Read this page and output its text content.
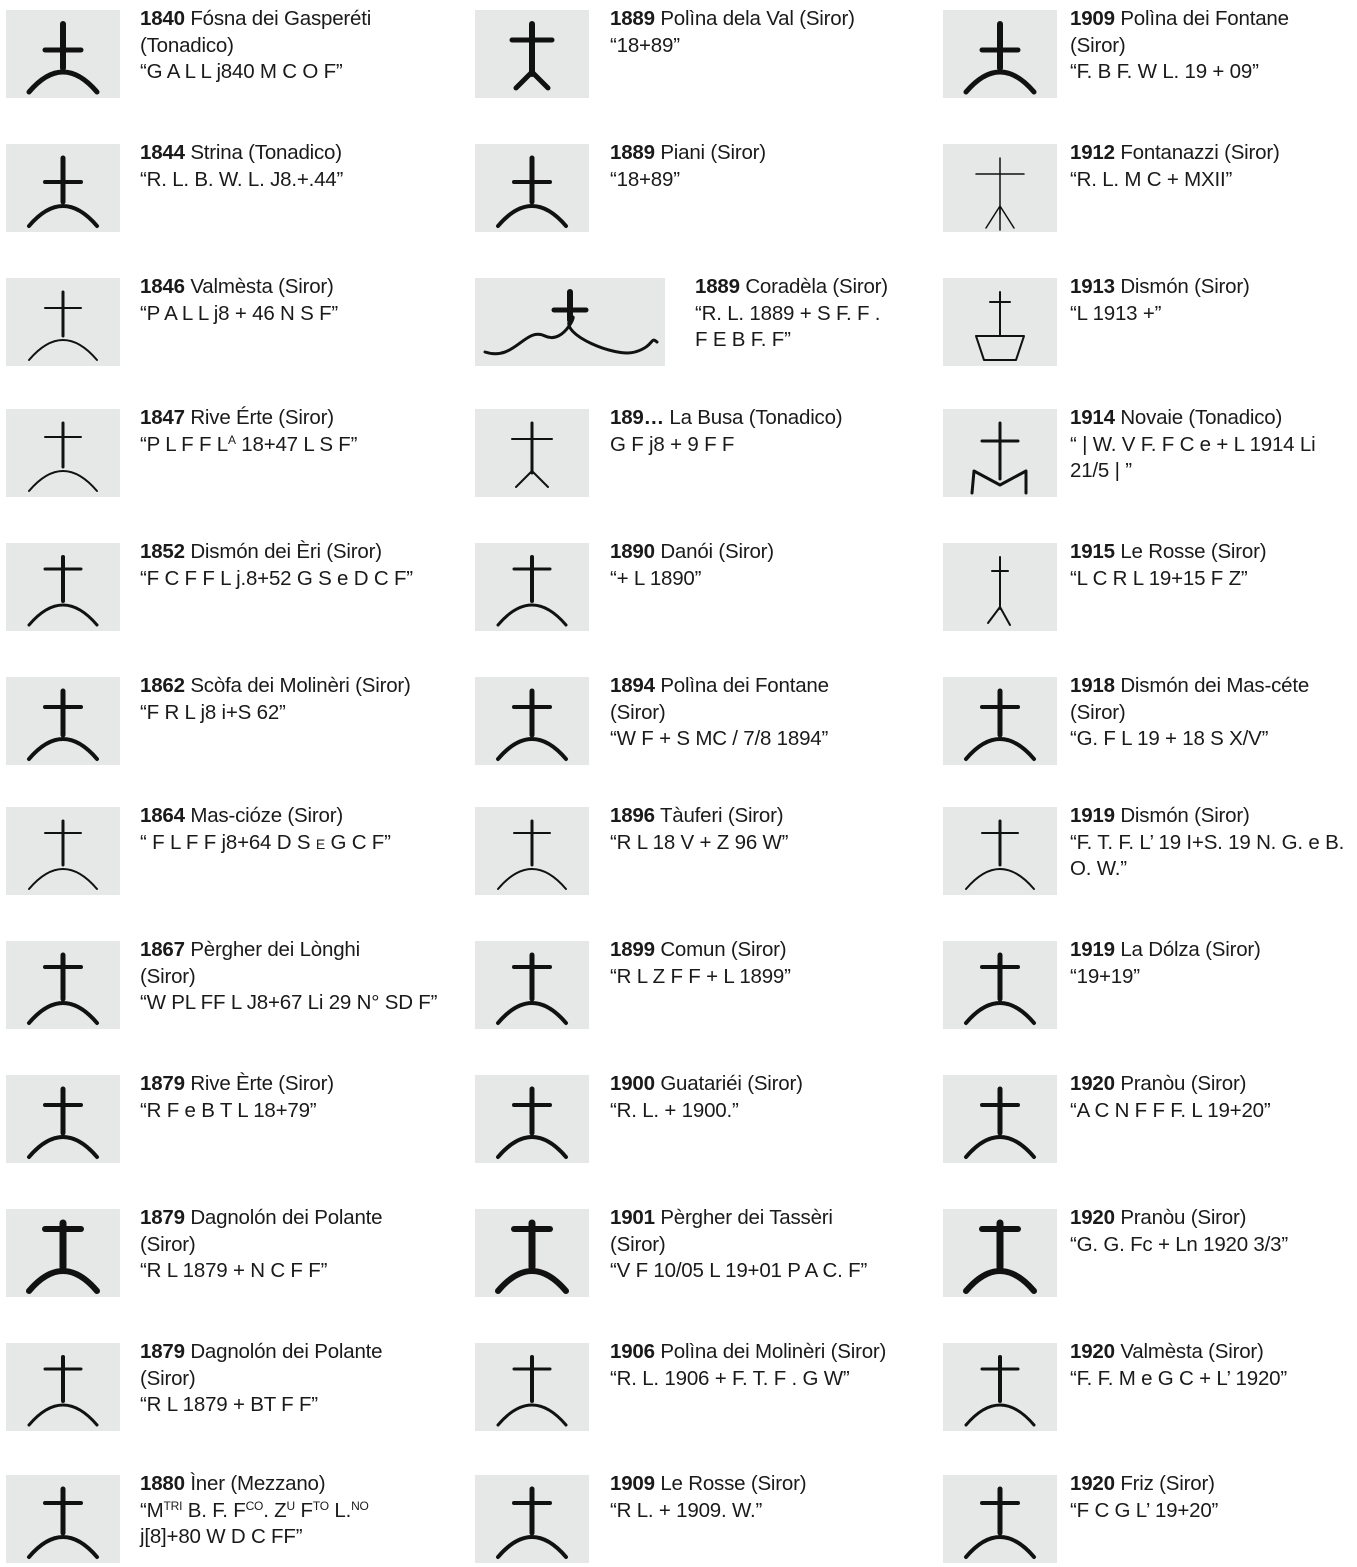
1840 Fósna dei Gasperéti
(Tonadico)
“G A L L j840 M C O F”
1844 Strina (Tonadico)
“R. L. B. W. L. J8.+.44”
1846 Valmèsta (Siror)
“P A L L j8 + 46 N S F”
1847 Rive Érte (Siror)
“P L F F $L^A$ 18+47 L S F”
1852 Dismón dei Èri (Siror)
“F C F F L j.8+52 G S e D C F”
1862 Scòfa dei Molinèri (Siror)
“F R L j8 i+S 62”
1864 Mas-cióze (Siror)
“ F L F F j8+64 D S E G C F”
1867 Pèrgher dei Lònghi
(Siror)
“W PL FF L J8+67 Li 29 N° SD F”
1879 Rive Èrte (Siror)
“R F e B T L 18+79”
1879 Dagnolón dei Polante
(Siror)
“R L 1879 + N C F F”
1879 Dagnolón dei Polante
(Siror)
“R L 1879 + BT F F”
1880 Ìner (Mezzano)
“$M^{TRI}$ B. F. $F^{CO}$. $Z^U$ $F^{TO}$ L.$^{NO}$
j[8]+80 W D C FF”
1889 Polìna dela Val (Siror)
“18+89”
1889 Piani (Siror)
“18+89”
1889 Coradèla (Siror)
“R. L. 1889 + S F. F .
F E B F. F”
189… La Busa (Tonadico)
G F j8 + 9 F F
1890 Danói (Siror)
“+ L 1890”
1894 Polìna dei Fontane
(Siror)
“W F + S MC / 7/8 1894”
1896 Tàuferi (Siror)
“R L 18 V + Z 96 W”
1899 Comun (Siror)
“R L Z F F + L 1899”
1900 Guatariéi (Siror)
“R. L. + 1900.”
1901 Pèrgher dei Tassèri
(Siror)
“V F 10/05 L 19+01 P A C. F”
1906 Polìna dei Molinèri (Siror)
“R. L. 1906 + F. T. F . G W”
1909 Le Rosse (Siror)
“R L. + 1909. W.”
1909 Polìna dei Fontane
(Siror)
“F. B F. W L. 19 + 09”
1912 Fontanazzi (Siror)
“R. L. M C + MXII”
1913 Dismón (Siror)
“L 1913 +”
1914 Novaie (Tonadico)
“ | W. V F. F C e + L 1914 Li
21/5 | ”
1915 Le Rosse (Siror)
“L C R L 19+15 F Z”
1918 Dismón dei Mas-céte
(Siror)
“G. F L 19 + 18 S X/V”
1919 Dismón (Siror)
“F. T. F. L’ 19 I+S. 19 N. G. e B.
O. W.”
1919 La Dólza (Siror)
“19+19”
1920 Pranòu (Siror)
“A C N F F F. L 19+20”
1920 Pranòu (Siror)
“G. G. Fc + Ln 1920 3/3”
1920 Valmèsta (Siror)
“F. F. M e G C + L’ 1920”
1920 Friz (Siror)
“F C G L’ 19+20”
